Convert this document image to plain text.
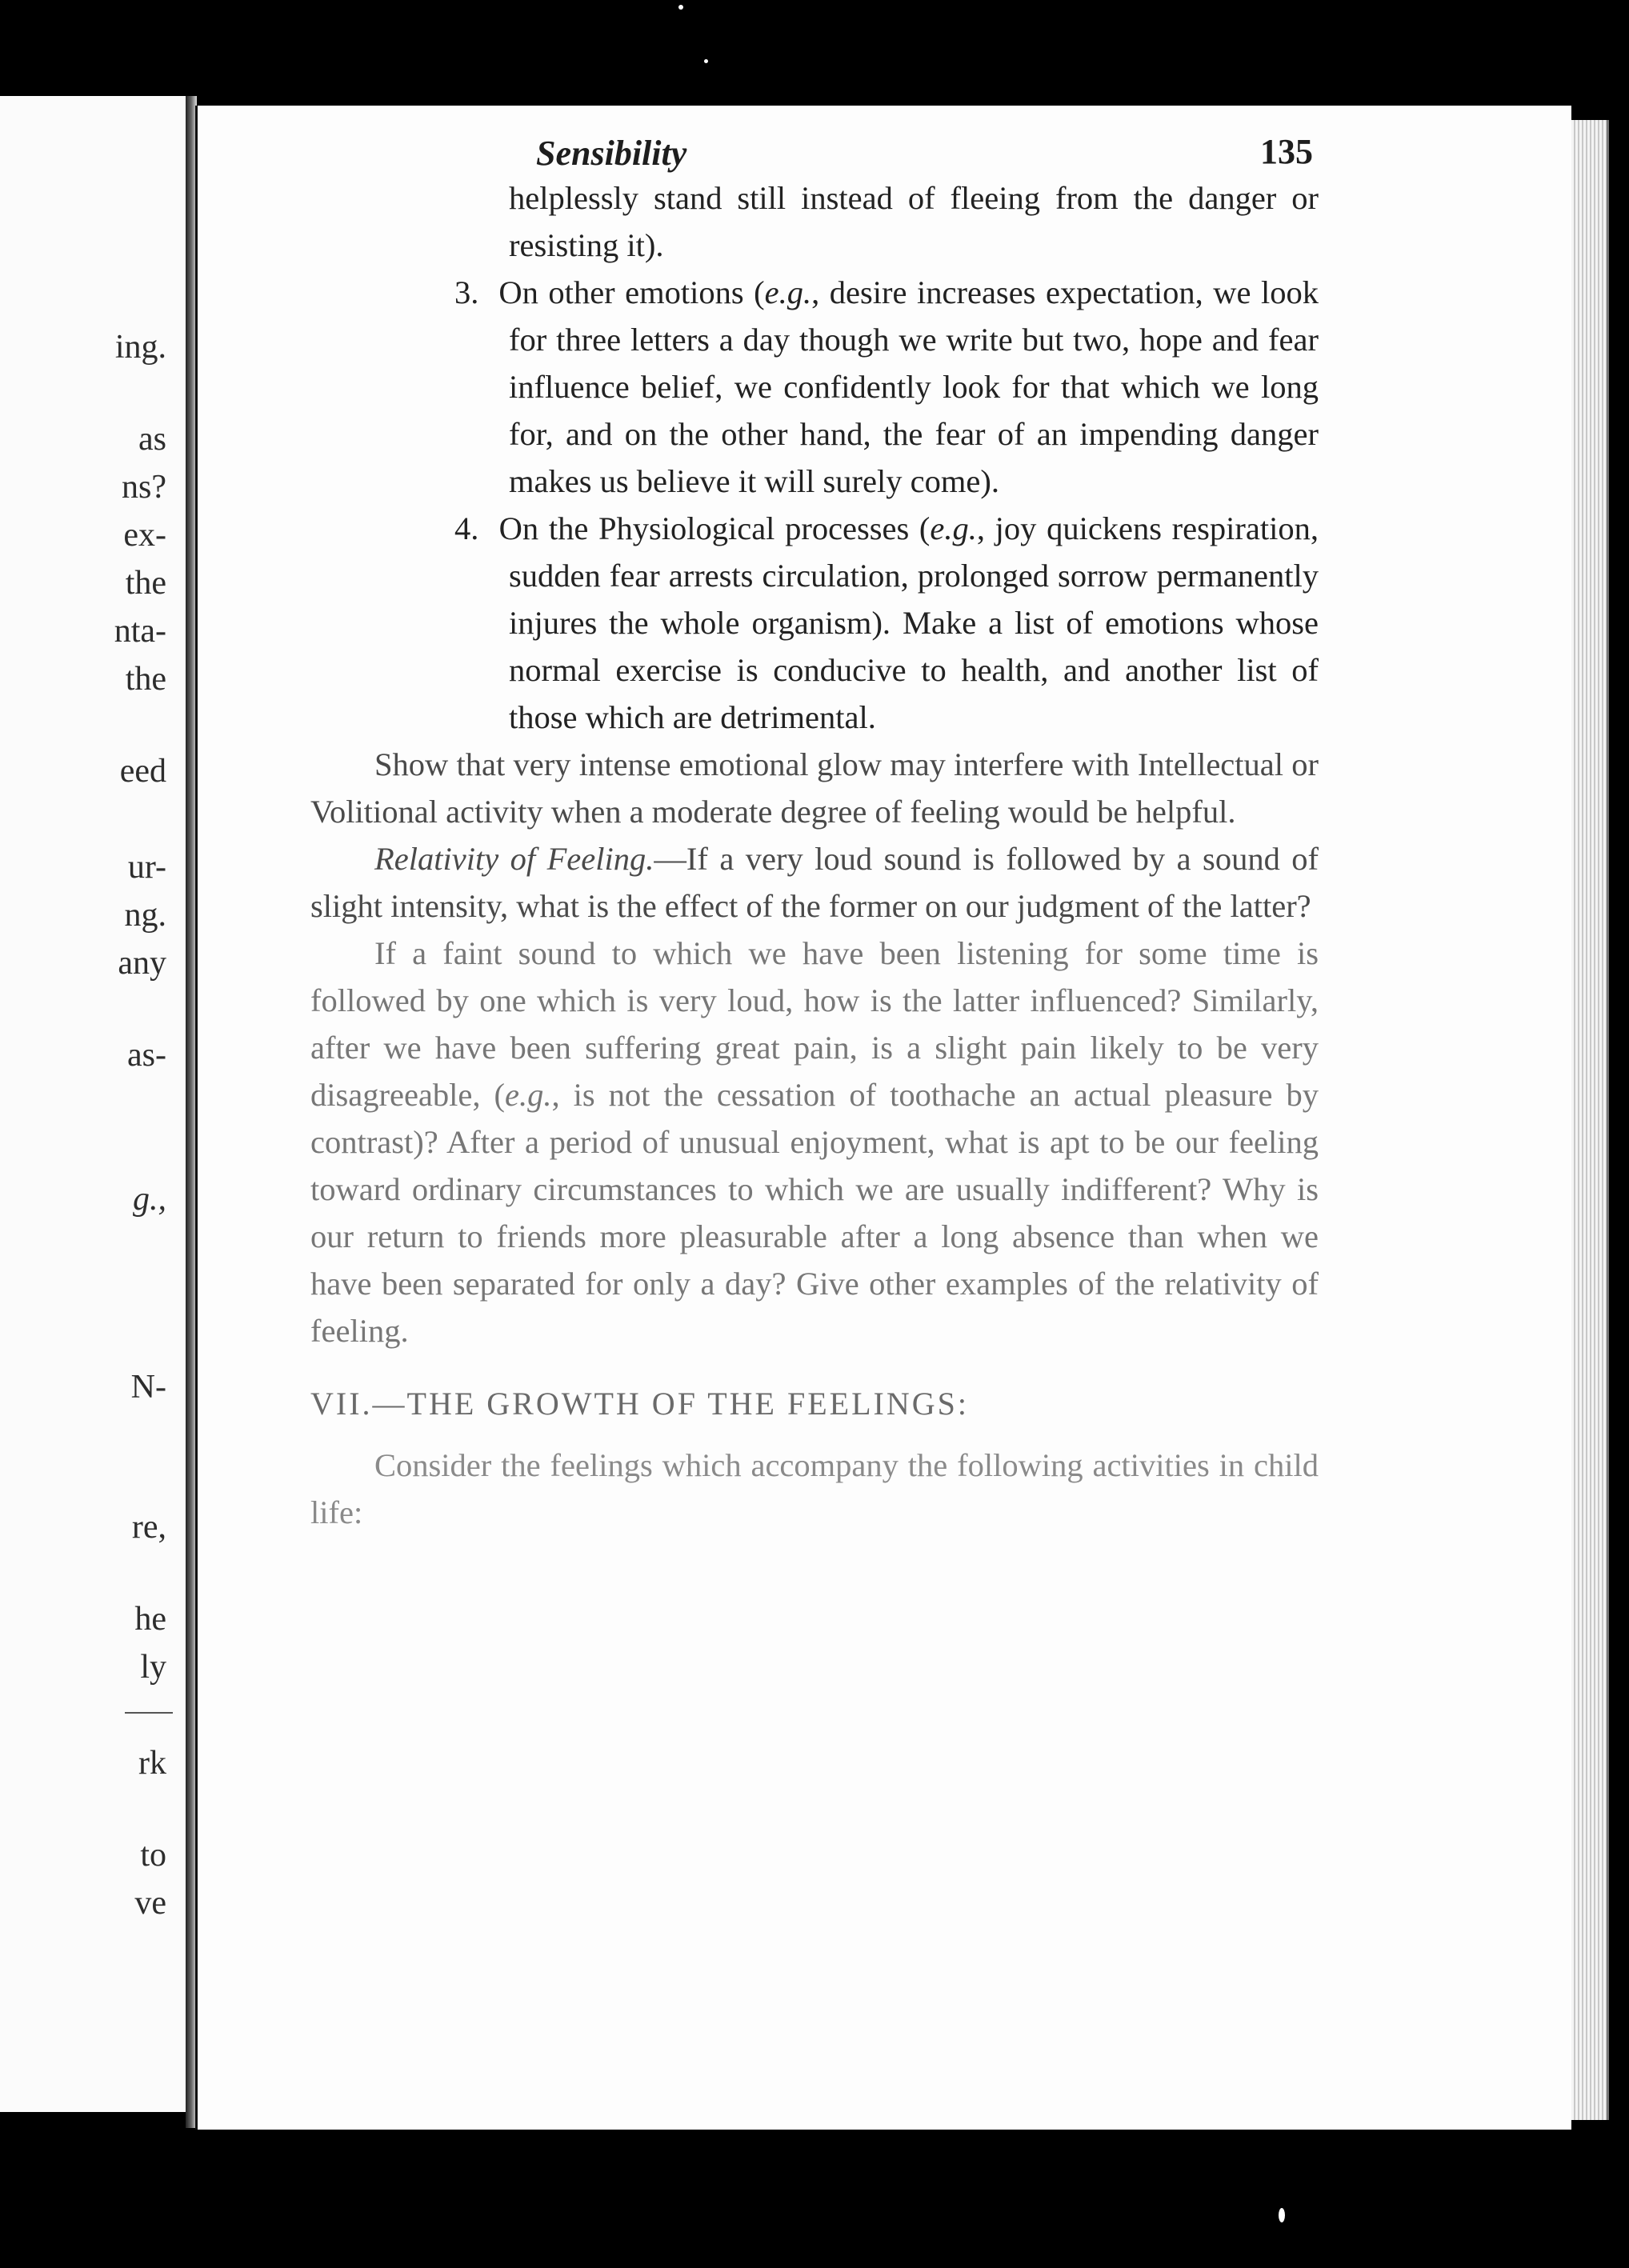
ing.
as
ns?
ex-
the
nta-
the
eed
ur-
ng.
any
as-
g.,
N-
re,
he
ly
rk
to
ve
Sensibility	135

helplessly stand still instead of fleeing from the danger or resisting it).

3. On other emotions (e.g., desire increases expectation, we look for three letters a day though we write but two, hope and fear influence belief, we confidently look for that which we long for, and on the other hand, the fear of an impending danger makes us believe it will surely come).

4. On the Physiological processes (e.g., joy quickens respiration, sudden fear arrests circulation, prolonged sorrow permanently injures the whole organism). Make a list of emotions whose normal exercise is conducive to health, and another list of those which are detrimental.

Show that very intense emotional glow may interfere with Intellectual or Volitional activity when a moderate degree of feeling would be helpful.

Relativity of Feeling.—If a very loud sound is followed by a sound of slight intensity, what is the effect of the former on our judgment of the latter?

If a faint sound to which we have been listening for some time is followed by one which is very loud, how is the latter influenced? Similarly, after we have been suffering great pain, is a slight pain likely to be very disagreeable, (e.g., is not the cessation of toothache an actual pleasure by contrast)? After a period of unusual enjoyment, what is apt to be our feeling toward ordinary circumstances to which we are usually indifferent? Why is our return to friends more pleasurable after a long absence than when we have been separated for only a day? Give other examples of the relativity of feeling.

VII.—THE GROWTH OF THE FEELINGS:

Consider the feelings which accompany the following activities in child life:
